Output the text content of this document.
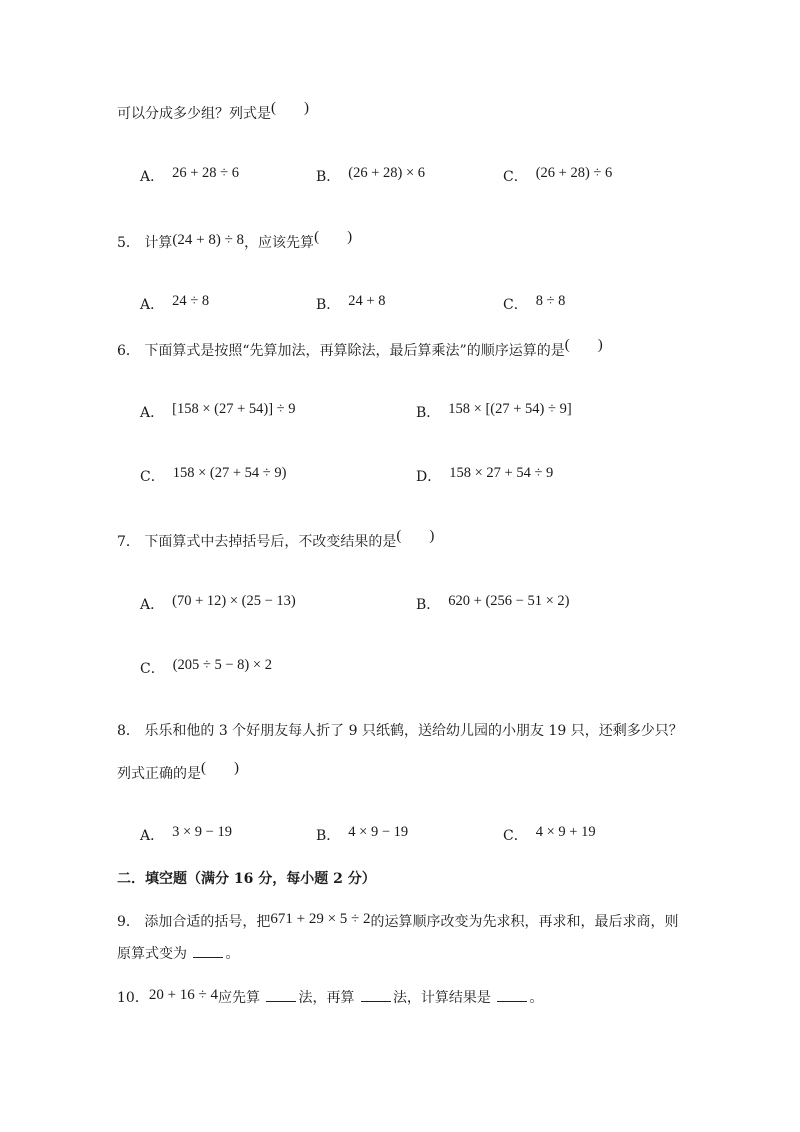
可以分成多少组？列式是( )
A． 26 + 28 ÷ 6	B． (26 + 28) × 6	C． (26 + 28) ÷ 6
5． 计算(24 + 8) ÷ 8，应该先算( )
A． 24 ÷ 8	B． 24 + 8	C． 8 ÷ 8
6． 下面算式是按照“先算加法，再算除法，最后算乘法”的顺序运算的是( )
A． [158 × (27 + 54)] ÷ 9	B． 158 × [(27 + 54) ÷ 9]
C． 158 × (27 + 54 ÷ 9)	D． 158 × 27 + 54 ÷ 9
7． 下面算式中去掉括号后，不改变结果的是( )
A． (70 + 12) × (25 − 13)	B． 620 + (256 − 51 × 2)
C． (205 ÷ 5 − 8) × 2
8． 乐乐和他的 3 个好朋友每人折了 9 只纸鹤，送给幼儿园的小朋友 19 只，还剩多少只？
列式正确的是( )
A． 3 × 9 − 19	B． 4 × 9 − 19	C． 4 × 9 + 19
二．填空题（满分 16 分，每小题 2 分）
9． 添加合适的括号，把671 + 29 × 5 ÷ 2的运算顺序改变为先求积，再求和，最后求商，则
原算式变为	。
10．20 + 16 ÷ 4应先算	法，再算	法，计算结果是	。
